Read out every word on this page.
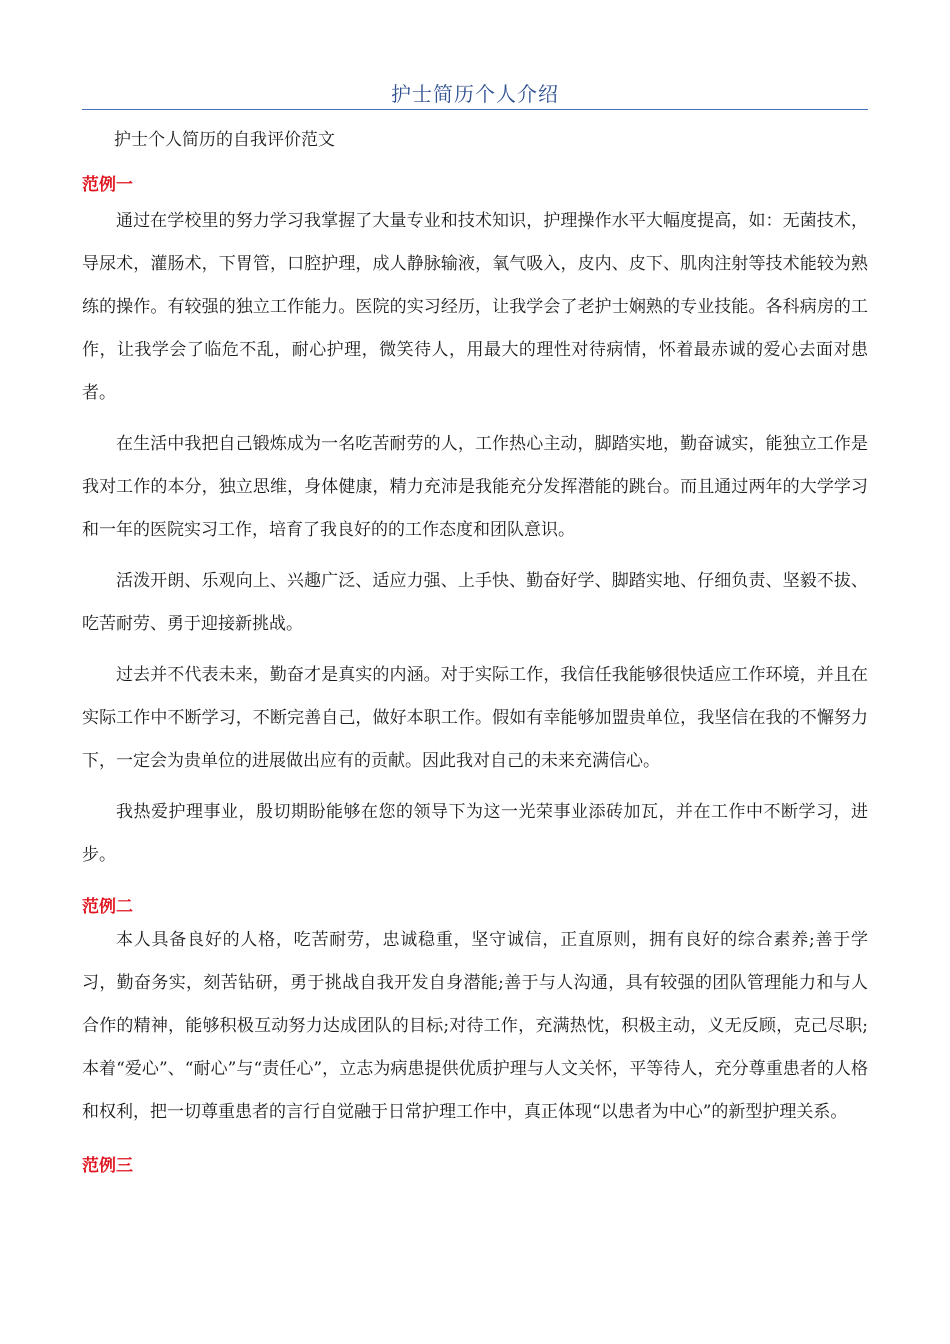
护士简历个人介绍
护士个人简历的自我评价范文
范例一

通过在学校里的努力学习我掌握了大量专业和技术知识，护理操作水平大幅度提高，如：无菌技术，导尿术，灌肠术，下胃管，口腔护理，成人静脉输液，氧气吸入，皮内、皮下、肌肉注射等技术能较为熟练的操作。有较强的独立工作能力。医院的实习经历，让我学会了老护士娴熟的专业技能。各科病房的工作，让我学会了临危不乱，耐心护理，微笑待人，用最大的理性对待病情，怀着最赤诚的爱心去面对患者。

在生活中我把自己锻炼成为一名吃苦耐劳的人，工作热心主动，脚踏实地，勤奋诚实，能独立工作是我对工作的本分，独立思维，身体健康，精力充沛是我能充分发挥潜能的跳台。而且通过两年的大学学习和一年的医院实习工作，培育了我良好的的工作态度和团队意识。

活泼开朗、乐观向上、兴趣广泛、适应力强、上手快、勤奋好学、脚踏实地、仔细负责、坚毅不拔、吃苦耐劳、勇于迎接新挑战。

过去并不代表未来，勤奋才是真实的内涵。对于实际工作，我信任我能够很快适应工作环境，并且在实际工作中不断学习，不断完善自己，做好本职工作。假如有幸能够加盟贵单位，我坚信在我的不懈努力下，一定会为贵单位的进展做出应有的贡献。因此我对自己的未来充满信心。

我热爱护理事业，殷切期盼能够在您的领导下为这一光荣事业添砖加瓦，并在工作中不断学习，进步。

范例二

本人具备良好的人格，吃苦耐劳，忠诚稳重，坚守诚信，正直原则，拥有良好的综合素养;善于学习，勤奋务实，刻苦钻研，勇于挑战自我开发自身潜能;善于与人沟通，具有较强的团队管理能力和与人合作的精神，能够积极互动努力达成团队的目标;对待工作，充满热忱，积极主动，义无反顾，克己尽职;本着“爱心”、“耐心”与“责任心”，立志为病患提供优质护理与人文关怀，平等待人，充分尊重患者的人格和权利，把一切尊重患者的言行自觉融于日常护理工作中，真正体现“以患者为中心”的新型护理关系。

范例三
